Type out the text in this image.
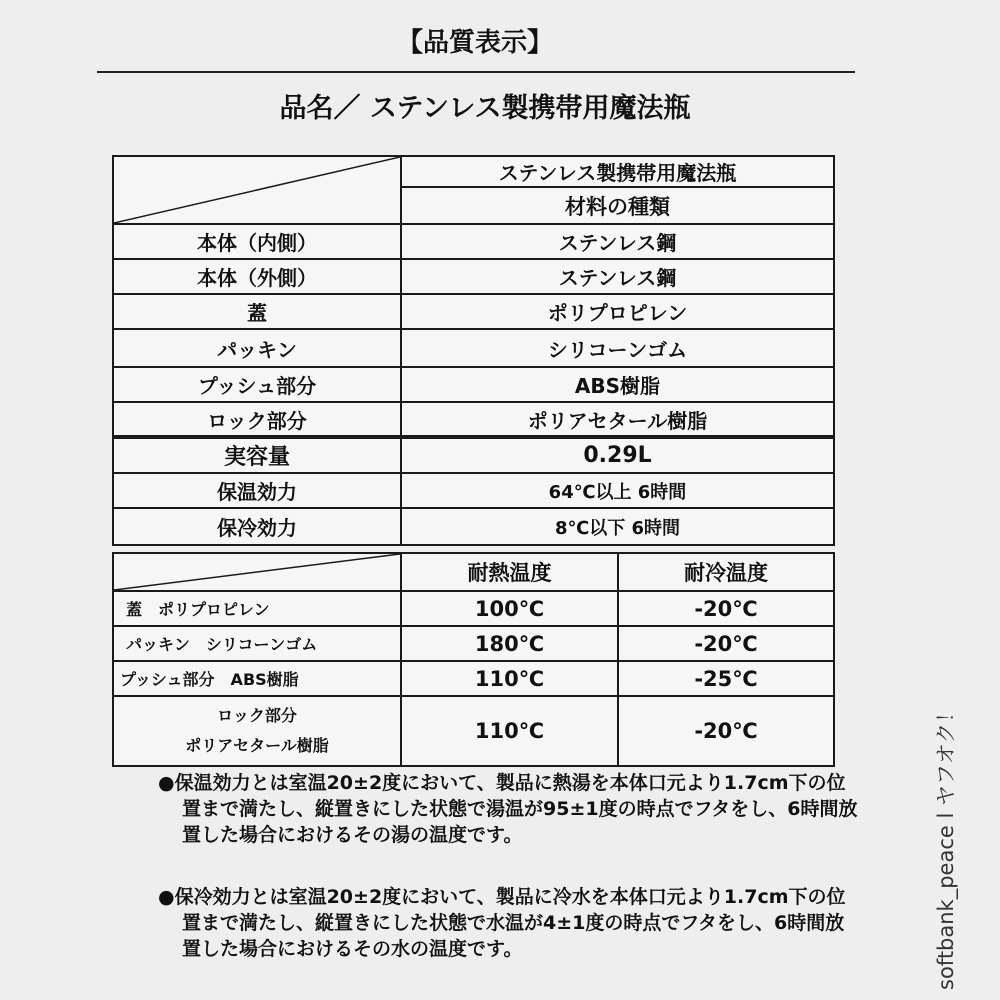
【品質表示】
品名／ ステンレス製携帯用魔法瓶
	ステンレス製携帯用魔法瓶
	材料の種類
本体（内側）	ステンレス鋼
本体（外側）	ステンレス鋼
蓋	ポリプロピレン
パッキン	シリコーンゴム
プッシュ部分	ABS樹脂
ロック部分	ポリアセタール樹脂
実容量	0.29L
保温効力	64℃以上 6時間
保冷効力	8℃以下 6時間
	耐熱温度	耐冷温度
蓋　ポリプロピレン	100℃	-20℃
パッキン　シリコーンゴム	180℃	-20℃
プッシュ部分　ABS樹脂	110℃	-25℃

ロック部分
ポリアセタール樹脂	110℃	-20℃

●保温効力とは室温20±2度において、製品に熱湯を本体口元より1.7cm下の位置まで満たし、縦置きにした状態で湯温が95±1度の時点でフタをし、6時間放置した場合におけるその湯の温度です。

●保冷効力とは室温20±2度において、製品に冷水を本体口元より1.7cm下の位置まで満たし、縦置きにした状態で水温が4±1度の時点でフタをし、6時間放置した場合におけるその水の温度です。	softbank_peace l ヤフオク！
